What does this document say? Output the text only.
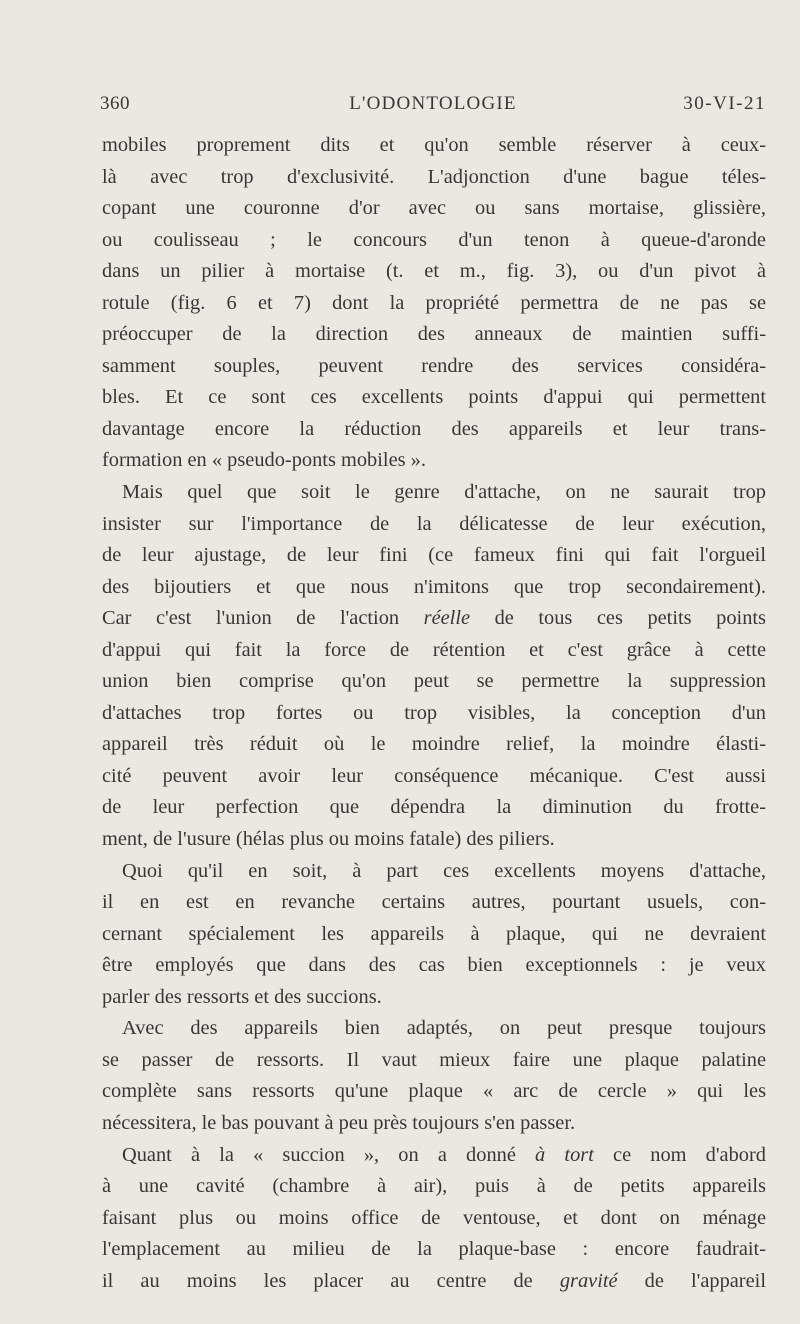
360	L'ODONTOLOGIE	30-VI-21
mobiles proprement dits et qu'on semble réserver à ceux-
là avec trop d'exclusivité. L'adjonction d'une bague téles-
copant une couronne d'or avec ou sans mortaise, glissière,
ou coulisseau ; le concours d'un tenon à queue-d'aronde
dans un pilier à mortaise (t. et m., fig. 3), ou d'un pivot à
rotule (fig. 6 et 7) dont la propriété permettra de ne pas se
préoccuper de la direction des anneaux de maintien suffi-
samment souples, peuvent rendre des services considéra-
bles. Et ce sont ces excellents points d'appui qui permettent
davantage encore la réduction des appareils et leur trans-
formation en « pseudo-ponts mobiles ».
Mais quel que soit le genre d'attache, on ne saurait trop
insister sur l'importance de la délicatesse de leur exécution,
de leur ajustage, de leur fini (ce fameux fini qui fait l'orgueil
des bijoutiers et que nous n'imitons que trop secondairement).
Car c'est l'union de l'action réelle de tous ces petits points
d'appui qui fait la force de rétention et c'est grâce à cette
union bien comprise qu'on peut se permettre la suppression
d'attaches trop fortes ou trop visibles, la conception d'un
appareil très réduit où le moindre relief, la moindre élasti-
cité peuvent avoir leur conséquence mécanique. C'est aussi
de leur perfection que dépendra la diminution du frotte-
ment, de l'usure (hélas plus ou moins fatale) des piliers.
Quoi qu'il en soit, à part ces excellents moyens d'attache,
il en est en revanche certains autres, pourtant usuels, con-
cernant spécialement les appareils à plaque, qui ne devraient
être employés que dans des cas bien exceptionnels : je veux
parler des ressorts et des succions.
Avec des appareils bien adaptés, on peut presque toujours
se passer de ressorts. Il vaut mieux faire une plaque palatine
complète sans ressorts qu'une plaque « arc de cercle » qui les
nécessitera, le bas pouvant à peu près toujours s'en passer.
Quant à la « succion », on a donné à tort ce nom d'abord
à une cavité (chambre à air), puis à de petits appareils
faisant plus ou moins office de ventouse, et dont on ménage
l'emplacement au milieu de la plaque-base : encore faudrait-
il au moins les placer au centre de gravité de l'appareil
